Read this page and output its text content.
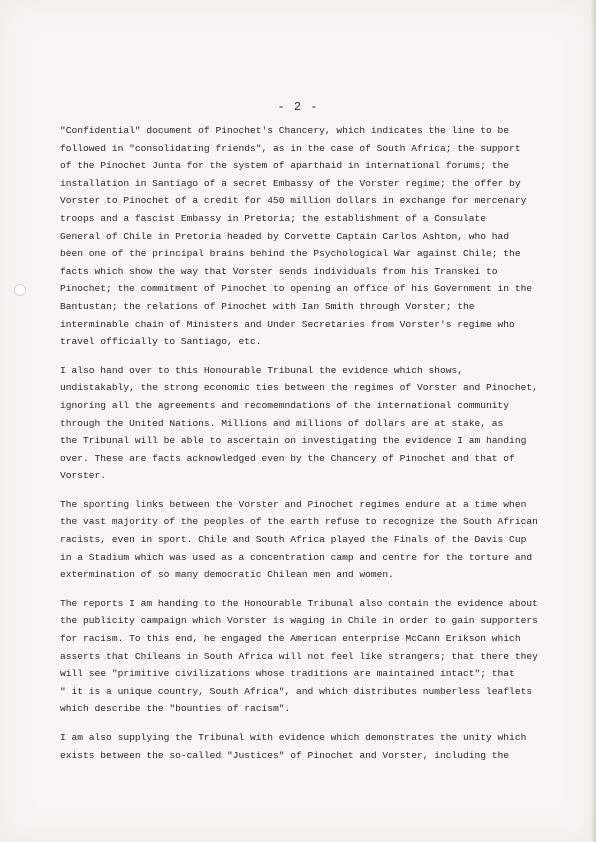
- 2 -
"Confidential" document of Pinochet's Chancery, which indicates the line to be
followed in "consolidating friends", as in the case of South Africa; the support
of the Pinochet Junta for the system of aparthaid in international forums; the
installation in Santiago of a secret Embassy of the Vorster regime; the offer by
Vorster to Pinochet of a credit for 450 million dollars in exchange for mercenary
troops and a fascist Embassy in Pretoria; the establishment of a Consulate
General of Chile in Pretoria headed by Corvette Captain Carlos Ashton, who had
been one of the principal brains behind the Psychological War against Chile; the
facts which show the way that Vorster sends individuals from his Transkei to
Pinochet; the commitment of Pinochet to opening an office of his Government in the
Bantustan; the relations of Pinochet with Ian Smith through Vorster; the
interminable chain of Ministers and Under Secretaries from Vorster's regime who
travel officially to Santiago, etc.
I also hand over to this Honourable Tribunal the evidence which shows,
undistakably, the strong economic ties between the regimes of Vorster and Pinochet,
ignoring all the agreements and recomemndations of the international community
through the United Nations. Millions and millions of dollars are at stake, as
the Tribunal will be able to ascertain on investigating the evidence I am handing
over. These are facts acknowledged even by the Chancery of Pinochet and that of
Vorster.
The sporting links between the Vorster and Pinochet regimes endure at a time when
the vast majority of the peoples of the earth refuse to recognize the South African
racists, even in sport. Chile and South Africa played the Finals of the Davis Cup
in a Stadium which was used as a concentration camp and centre for the torture and
extermination of so many democratic Chilean men and women.
The reports I am handing to the Honourable Tribunal also contain the evidence about
the publicity campaign which Vorster is waging in Chile in order to gain supporters
for racism. To this end, he engaged the American enterprise McCann Erikson which
asserts that Chileans in South Africa will not feel like strangers; that there they
will see "primitive civilizations whose traditions are maintained intact"; that
" it is a unique country, South Africa", and which distributes numberless leaflets
which describe the "bounties of racism".
I am also supplying the Tribunal with evidence which demonstrates the unity which
exists between the so-called "Justices" of Pinochet and Vorster, including the
